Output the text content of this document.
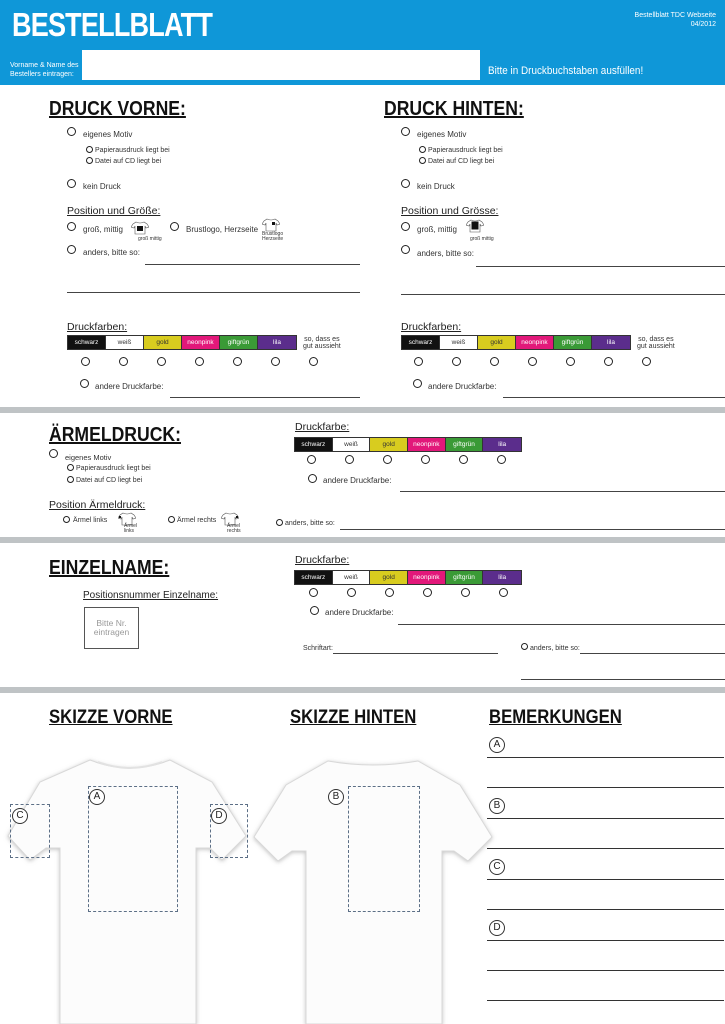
BESTELLBLATT	Bestellblatt TDC Webseite
04/2012
Vorname & Name des
Bestellers eintragen:	Bitte in Druckbuchstaben ausfüllen!
DRUCK VORNE:
eigenes Motiv
Papierausdruck liegt bei
Datei auf CD liegt bei
kein Druck
Position und Größe:
groß, mittig
groß mittig
Brustlogo, Herzseite Brustlogo
Herzseite
anders, bitte so:
Druckfarben:
schwarz	weiß	gold	neonpink	giftgrün	lila	so, dass es
gut aussieht
andere Druckfarbe:
DRUCK HINTEN:
eigenes Motiv
Papierausdruck liegt bei
Datei auf CD liegt bei
kein Druck
Position und Grösse:
groß, mittig
groß mittig
anders, bitte so:
Druckfarben:
schwarz	weiß	gold	neonpink	giftgrün	lila	so, dass es
gut aussieht
andere Druckfarbe:
ÄRMELDRUCK:
eigenes Motiv
Papierausdruck liegt bei
Datei auf CD liegt bei
Position Ärmeldruck:
Ärmel links
Ärmel
links
Ärmel rechts
Ärmel
rechts
anders, bitte so:
Druckfarbe:
schwarz	weiß	gold	neonpink	giftgrün	lila
andere Druckfarbe:
EINZELNAME:
Positionsnummer Einzelname:
Bitte Nr.
eintragen
Druckfarbe:
schwarz	weiß	gold	neonpink	giftgrün	lila
andere Druckfarbe:
Schriftart:	anders, bitte so:
SKIZZE VORNE	SKIZZE HINTEN	BEMERKUNGEN
A
C	D
B
A
B
C
D
